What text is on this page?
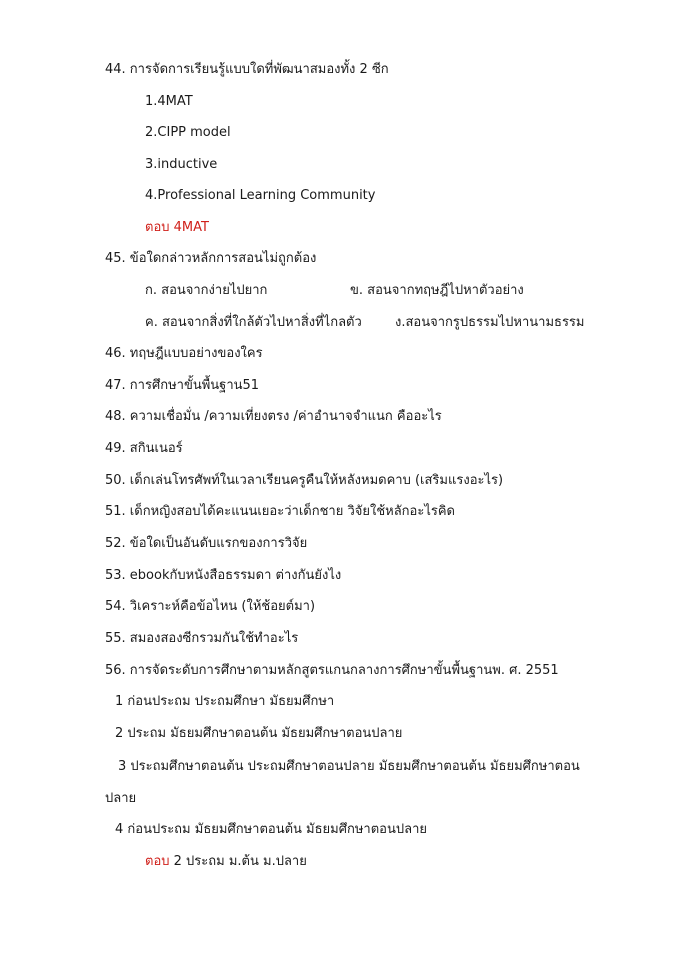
44. การจัดการเรียนรู้แบบใดที่พัฒนาสมองทั้ง 2 ซีก
1.4MAT
2.CIPP model
3.inductive
4.Professional Learning Community
ตอบ 4MAT
45. ข้อใดกล่าวหลักการสอนไม่ถูกต้อง
ก. สอนจากง่ายไปยาก	ข. สอนจากทฤษฎีไปหาตัวอย่าง
ค. สอนจากสิ่งที่ใกล้ตัวไปหาสิ่งที่ไกลตัว	ง.สอนจากรูปธรรมไปหานามธรรม
46. ทฤษฎีแบบอย่างของใคร
47. การศึกษาขั้นพื้นฐาน51
48. ความเชื่อมั่น /ความเที่ยงตรง /ค่าอำนาจจำแนก คืออะไร
49. สกินเนอร์
50. เด็กเล่นโทรศัพท์ในเวลาเรียนครูคืนให้หลังหมดคาบ (เสริมแรงอะไร)
51. เด็กหญิงสอบได้คะแนนเยอะว่าเด็กชาย วิจัยใช้หลักอะไรคิด
52. ข้อใดเป็นอันดับแรกของการวิจัย
53. ebookกับหนังสือธรรมดา ต่างกันยังไง
54. วิเคราะห์คือข้อไหน (ให้ช้อยต์มา)
55. สมองสองซีกรวมกันใช้ทำอะไร
56. การจัดระดับการศึกษาตามหลักสูตรแกนกลางการศึกษาขั้นพื้นฐานพ. ศ. 2551
1 ก่อนประถม ประถมศึกษา มัธยมศึกษา
2 ประถม มัธยมศึกษาตอนต้น มัธยมศึกษาตอนปลาย
3 ประถมศึกษาตอนต้น ประถมศึกษาตอนปลาย มัธยมศึกษาตอนต้น มัธยมศึกษาตอน
ปลาย
4 ก่อนประถม มัธยมศึกษาตอนต้น มัธยมศึกษาตอนปลาย
ตอบ 2 ประถม ม.ต้น ม.ปลาย
